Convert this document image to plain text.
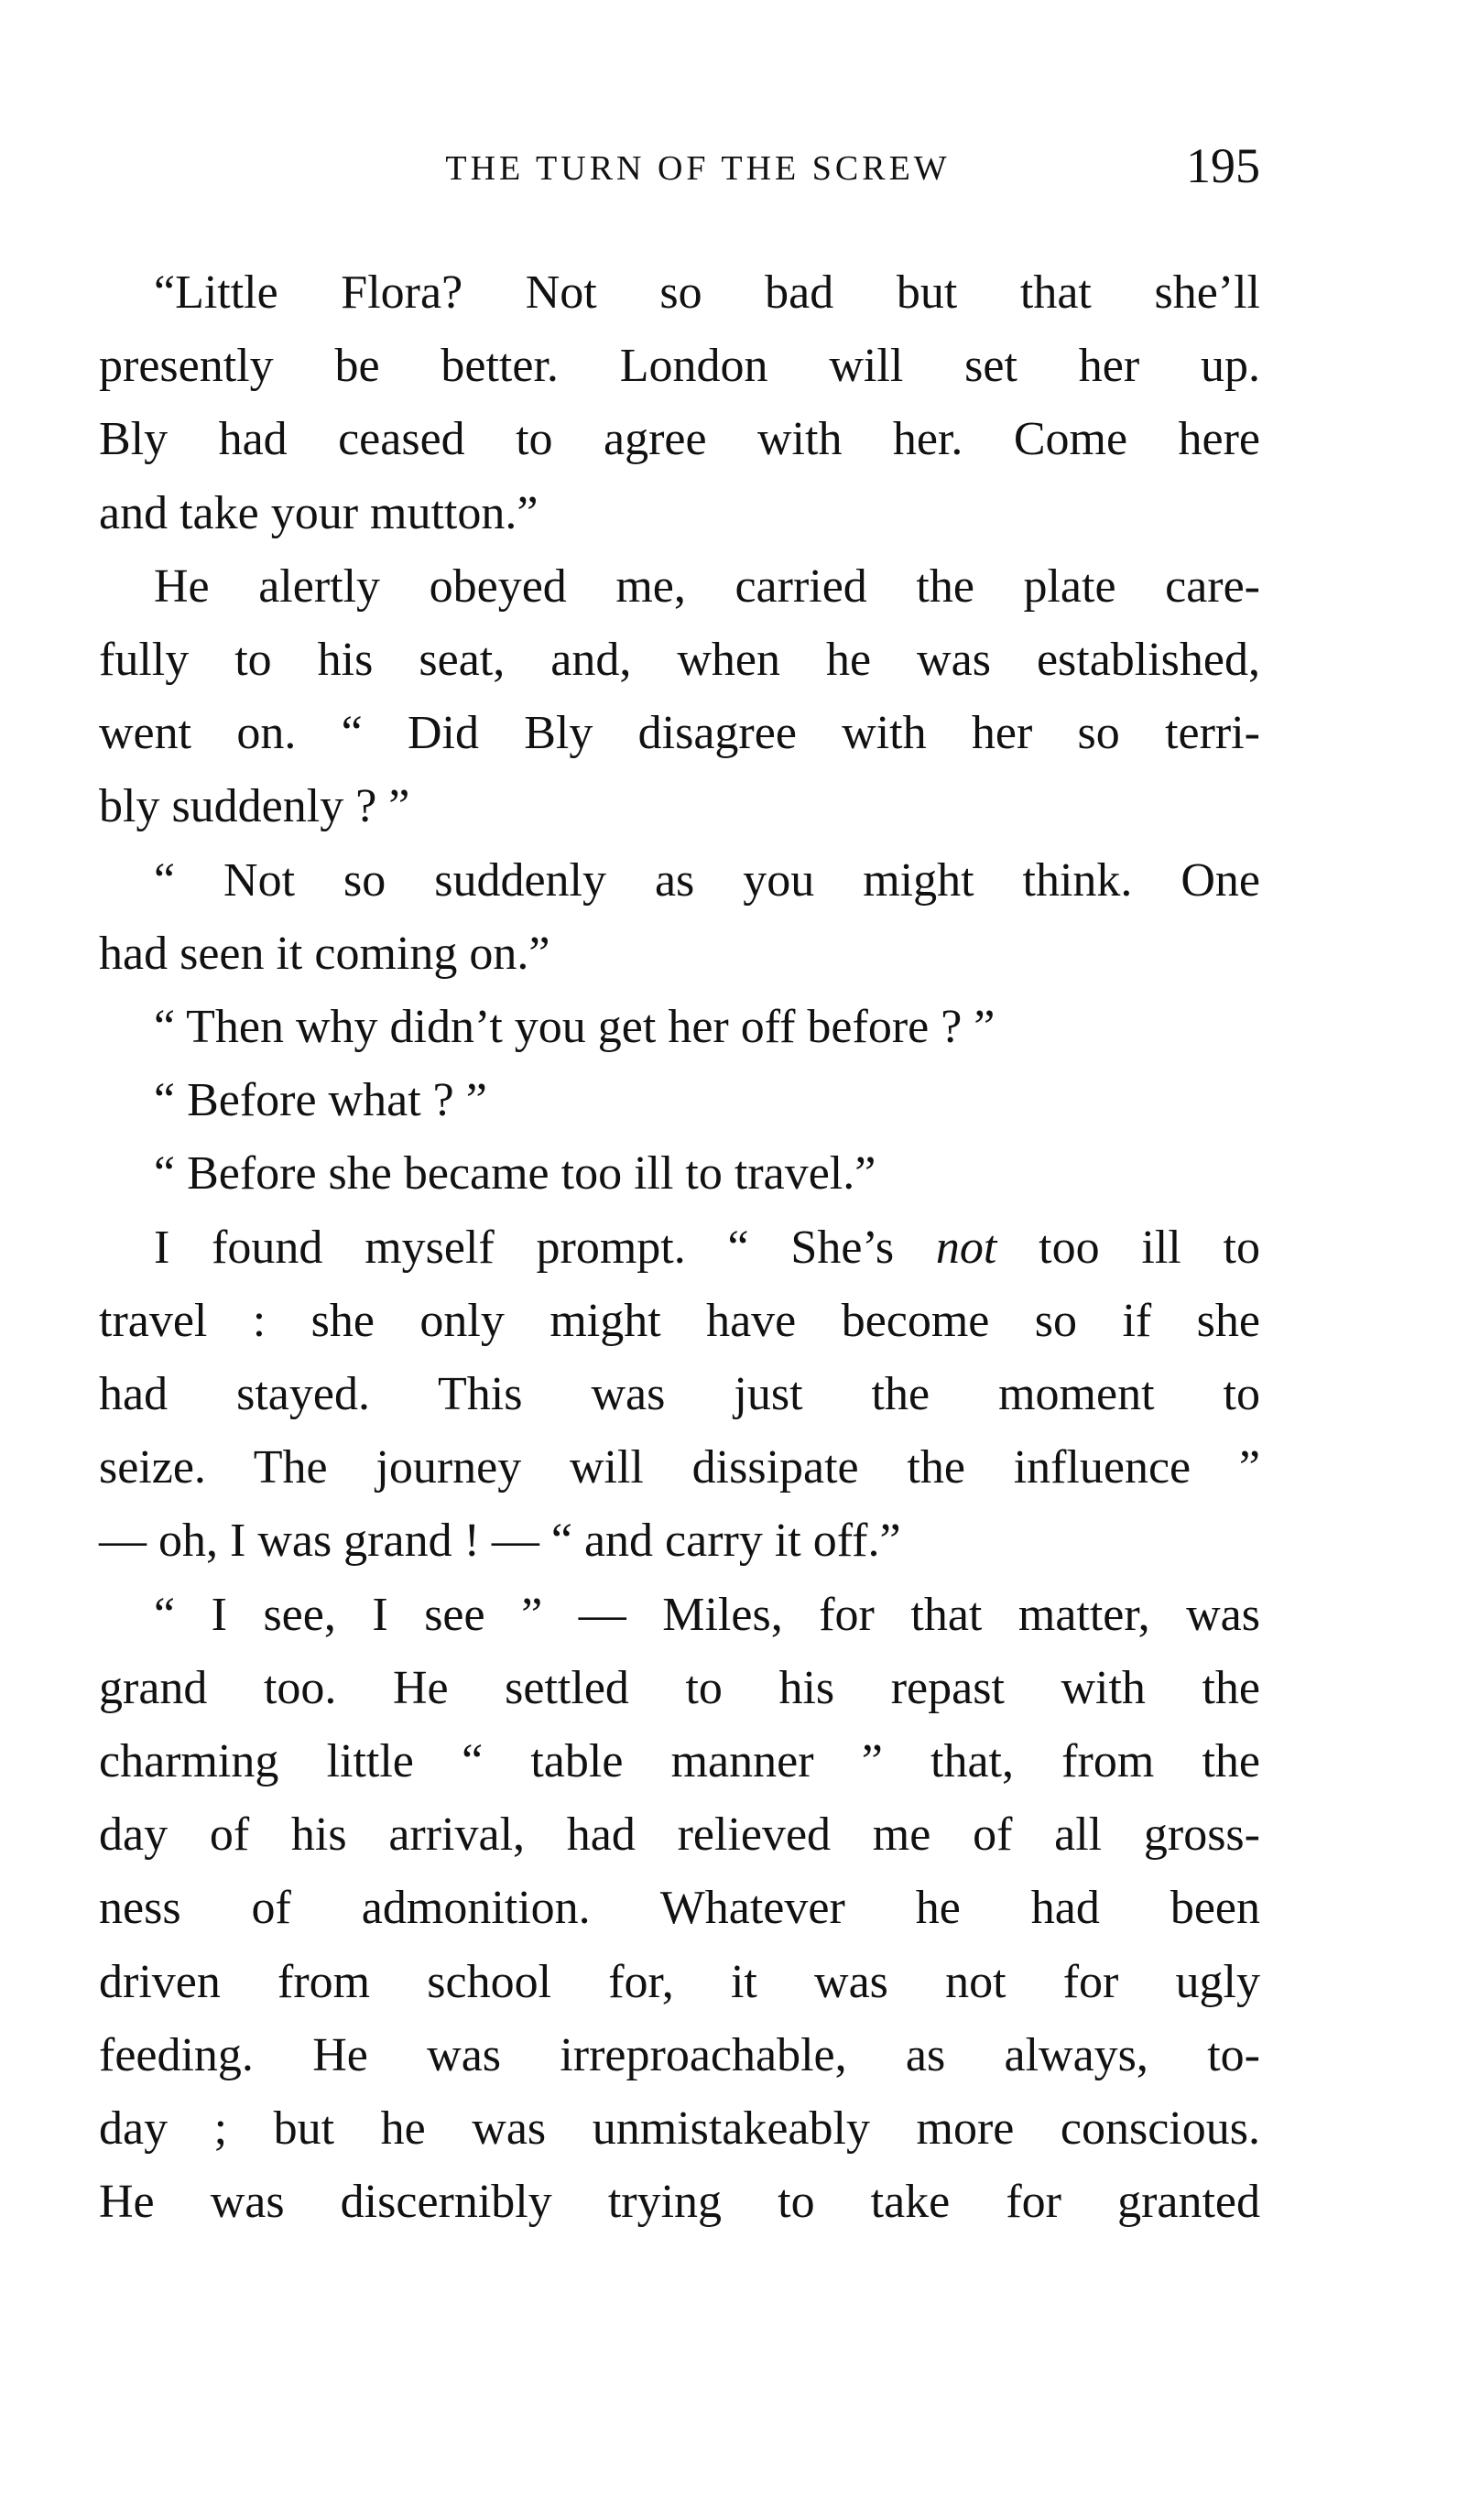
THE TURN OF THE SCREW	195
“Little Flora? Not so bad but that she’ll
presently be better. London will set her up.
Bly had ceased to agree with her. Come here
and take your mutton.”
He alertly obeyed me, carried the plate care-
fully to his seat, and, when he was established,
went on. “ Did Bly disagree with her so terri-
bly suddenly ? ”
“ Not so suddenly as you might think. One
had seen it coming on.”
“ Then why didn’t you get her off before ? ”
“ Before what ? ”
“ Before she became too ill to travel.”
I found myself prompt. “ She’s not too ill to
travel : she only might have become so if she
had stayed. This was just the moment to
seize. The journey will dissipate the influence ”
— oh, I was grand ! — “ and carry it off.”
“ I see, I see ” — Miles, for that matter, was
grand too. He settled to his repast with the
charming little “ table manner ” that, from the
day of his arrival, had relieved me of all gross-
ness of admonition. Whatever he had been
driven from school for, it was not for ugly
feeding. He was irreproachable, as always, to-
day ; but he was unmistakeably more conscious.
He was discernibly trying to take for granted
